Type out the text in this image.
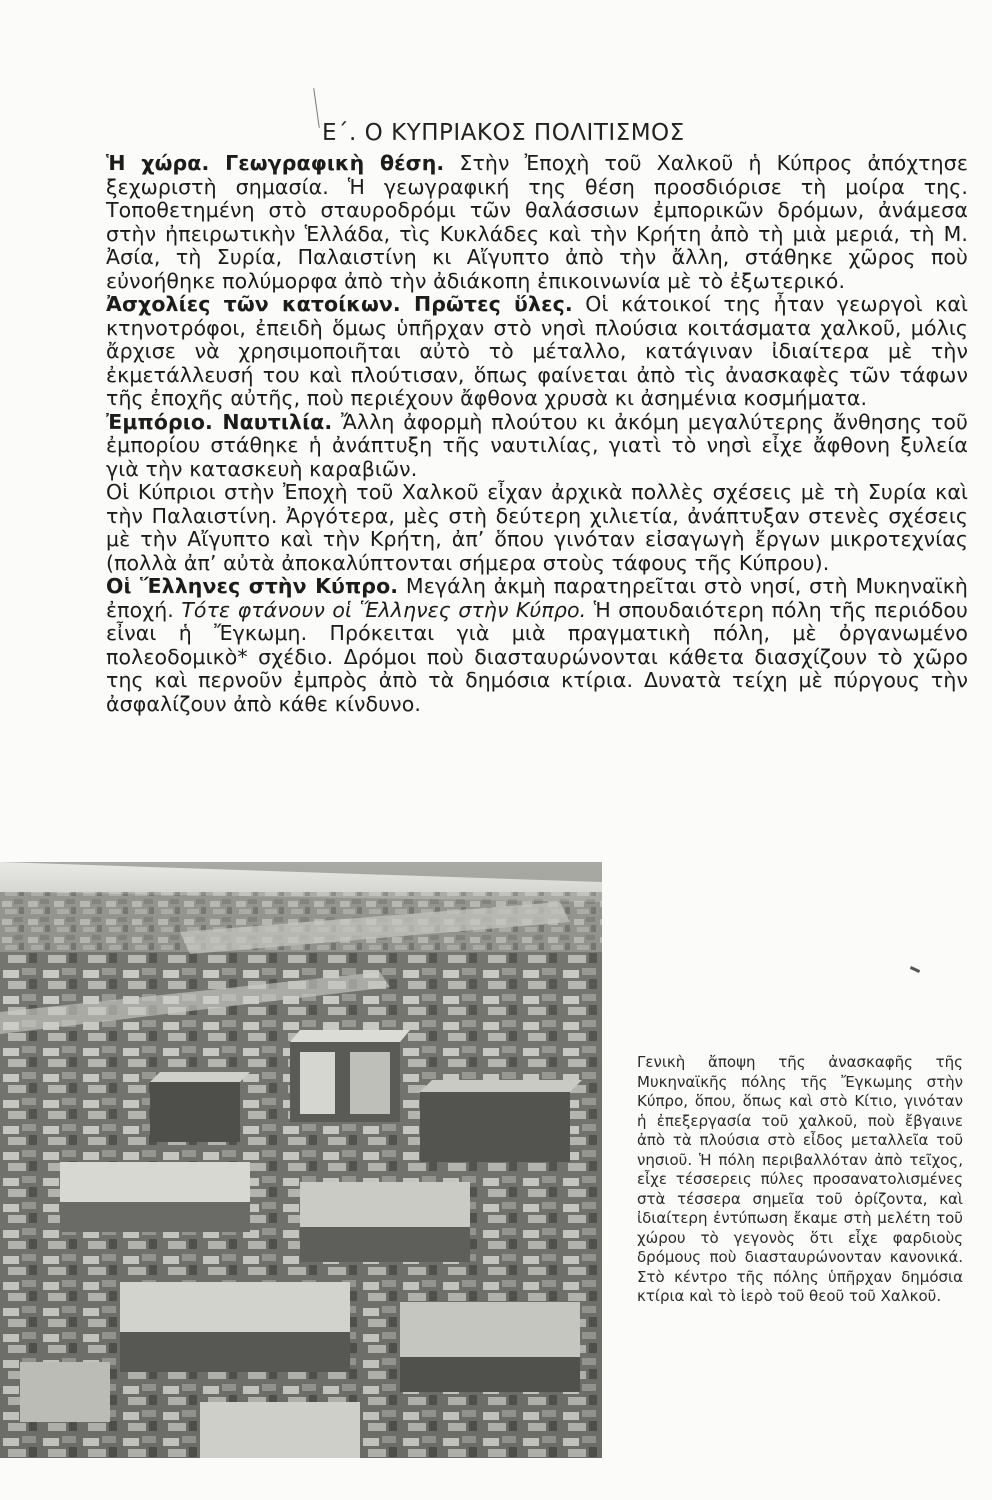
Ε΄. Ο ΚΥΠΡΙΑΚΟΣ ΠΟΛΙΤΙΣΜΟΣ

Ἡ χώρα. Γεωγραφικὴ θέση. Στὴν Ἐποχὴ τοῦ Χαλκοῦ ἡ Κύπρος ἀπόχτησε ξεχωριστὴ σημασία. Ἡ γεωγραφική της θέση προσδιόρισε τὴ μοίρα της. Τοποθετημένη στὸ σταυροδρόμι τῶν θαλάσσιων ἐμπορικῶν δρόμων, ἀνάμεσα στὴν ἠπειρωτικὴν Ἑλλάδα, τὶς Κυκλάδες καὶ τὴν Κρήτη ἀπὸ τὴ μιὰ μεριά, τὴ Μ. Ἀσία, τὴ Συρία, Παλαιστίνη κι Αἴγυπτο ἀπὸ τὴν ἄλλη, στάθηκε χῶρος ποὺ εὐνοήθηκε πολύμορφα ἀπὸ τὴν ἀδιάκοπη ἐπικοινωνία μὲ τὸ ἐξωτερικό.

Ἀσχολίες τῶν κατοίκων. Πρῶτες ὕλες. Οἱ κάτοικοί της ἦταν γεωργοὶ καὶ κτηνοτρόφοι, ἐπειδὴ ὅμως ὑπῆρχαν στὸ νησὶ πλούσια κοιτάσματα χαλκοῦ, μόλις ἄρχισε νὰ χρησιμοποιῆται αὐτὸ τὸ μέταλλο, κατάγιναν ἰδιαίτερα μὲ τὴν ἐκμετάλλευσή του καὶ πλούτισαν, ὅπως φαίνεται ἀπὸ τὶς ἀνασκαφὲς τῶν τάφων τῆς ἐποχῆς αὐτῆς, ποὺ περιέχουν ἄφθονα χρυσὰ κι ἀσημένια κοσμήματα.

Ἐμπόριο. Ναυτιλία. Ἄλλη ἀφορμὴ πλούτου κι ἀκόμη μεγαλύτερης ἄνθησης τοῦ ἐμπορίου στάθηκε ἡ ἀνάπτυξη τῆς ναυτιλίας, γιατὶ τὸ νησὶ εἶχε ἄφθονη ξυλεία γιὰ τὴν κατασκευὴ καραβιῶν.

Οἱ Κύπριοι στὴν Ἐποχὴ τοῦ Χαλκοῦ εἶχαν ἀρχικὰ πολλὲς σχέσεις μὲ τὴ Συρία καὶ τὴν Παλαιστίνη. Ἀργότερα, μὲς στὴ δεύτερη χιλιετία, ἀνάπτυξαν στενὲς σχέσεις μὲ τὴν Αἴγυπτο καὶ τὴν Κρήτη, ἀπ’ ὅπου γινόταν εἰσαγωγὴ ἔργων μικροτεχνίας (πολλὰ ἀπ’ αὐτὰ ἀποκαλύπτονται σήμερα στοὺς τάφους τῆς Κύπρου).

Οἱ Ἕλληνες στὴν Κύπρο. Μεγάλη ἀκμὴ παρατηρεῖται στὸ νησί, στὴ Μυκηναϊκὴ ἐποχή. Τότε φτάνουν οἱ Ἕλληνες στὴν Κύπρο. Ἡ σπουδαιότερη πόλη τῆς περιόδου εἶναι ἡ Ἔγκωμη. Πρόκειται γιὰ μιὰ πραγματικὴ πόλη, μὲ ὀργανωμένο πολεοδομικὸ* σχέδιο. Δρόμοι ποὺ διασταυρώνονται κάθετα διασχίζουν τὸ χῶρο της καὶ περνοῦν ἐμπρὸς ἀπὸ τὰ δημόσια κτίρια. Δυνατὰ τείχη μὲ πύργους τὴν ἀσφαλίζουν ἀπὸ κάθε κίνδυνο.

Γενικὴ ἄποψη τῆς ἀνασκαφῆς τῆς Μυκηναϊκῆς πόλης τῆς Ἔγκωμης στὴν Κύπρο, ὅπου, ὅπως καὶ στὸ Κίτιο, γινόταν ἡ ἐπεξεργασία τοῦ χαλκοῦ, ποὺ ἔβγαινε ἀπὸ τὰ πλούσια στὸ εἶδος μεταλλεῖα τοῦ νησιοῦ. Ἡ πόλη περιβαλλόταν ἀπὸ τεῖχος, εἶχε τέσσερεις πύλες προσανατολισμένες στὰ τέσσερα σημεῖα τοῦ ὁρίζοντα, καὶ ἰδιαίτερη ἐντύπωση ἔκαμε στὴ μελέτη τοῦ χώρου τὸ γεγονὸς ὅτι εἶχε φαρδιοὺς δρόμους ποὺ διασταυρώνονταν κανονικά. Στὸ κέντρο τῆς πόλης ὑπῆρχαν δημόσια κτίρια καὶ τὸ ἱερὸ τοῦ θεοῦ τοῦ Χαλκοῦ.
